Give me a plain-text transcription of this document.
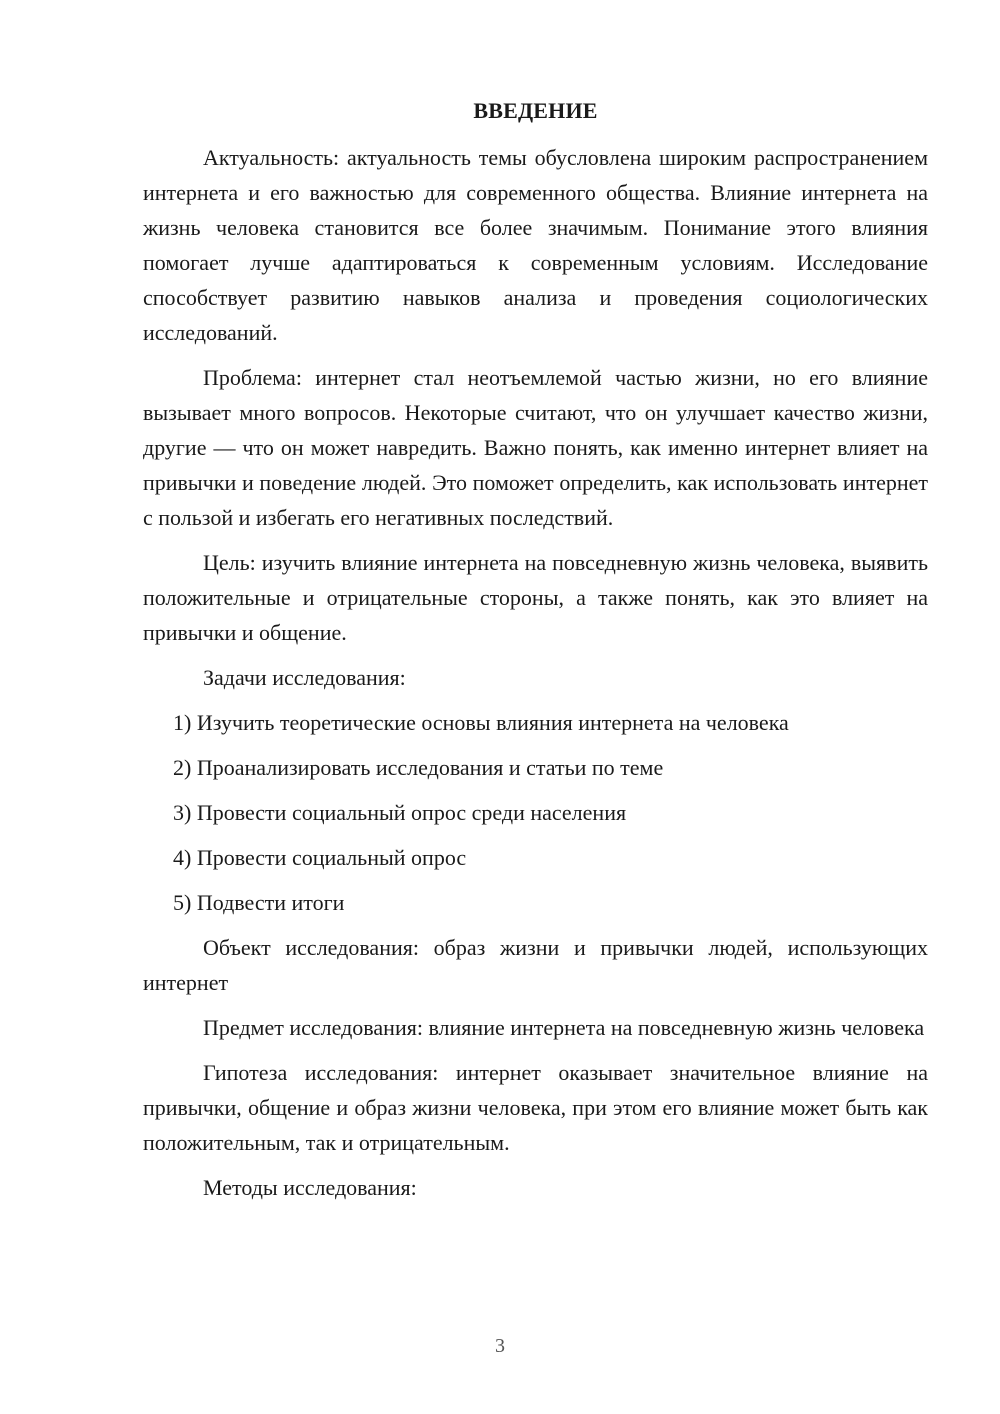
ВВЕДЕНИЕ

Актуальность: актуальность темы обусловлена широким распространением интернета и его важностью для современного общества. Влияние интернета на жизнь человека становится все более значимым. Понимание этого влияния помогает лучше адаптироваться к современным условиям. Исследование способствует развитию навыков анализа и проведения социологических исследований.

Проблема: интернет стал неотъемлемой частью жизни, но его влияние вызывает много вопросов. Некоторые считают, что он улучшает качество жизни, другие — что он может навредить. Важно понять, как именно интернет влияет на привычки и поведение людей. Это поможет определить, как использовать интернет с пользой и избегать его негативных последствий.

Цель: изучить влияние интернета на повседневную жизнь человека, выявить положительные и отрицательные стороны, а также понять, как это влияет на привычки и общение.

Задачи исследования:

1) Изучить теоретические основы влияния интернета на человека
2) Проанализировать исследования и статьи по теме
3) Провести социальный опрос среди населения
4) Провести социальный опрос
5) Подвести итоги

Объект исследования: образ жизни и привычки людей, использующих интернет

Предмет исследования: влияние интернета на повседневную жизнь человека

Гипотеза исследования: интернет оказывает значительное влияние на привычки, общение и образ жизни человека, при этом его влияние может быть как положительным, так и отрицательным.

Методы исследования:

3
